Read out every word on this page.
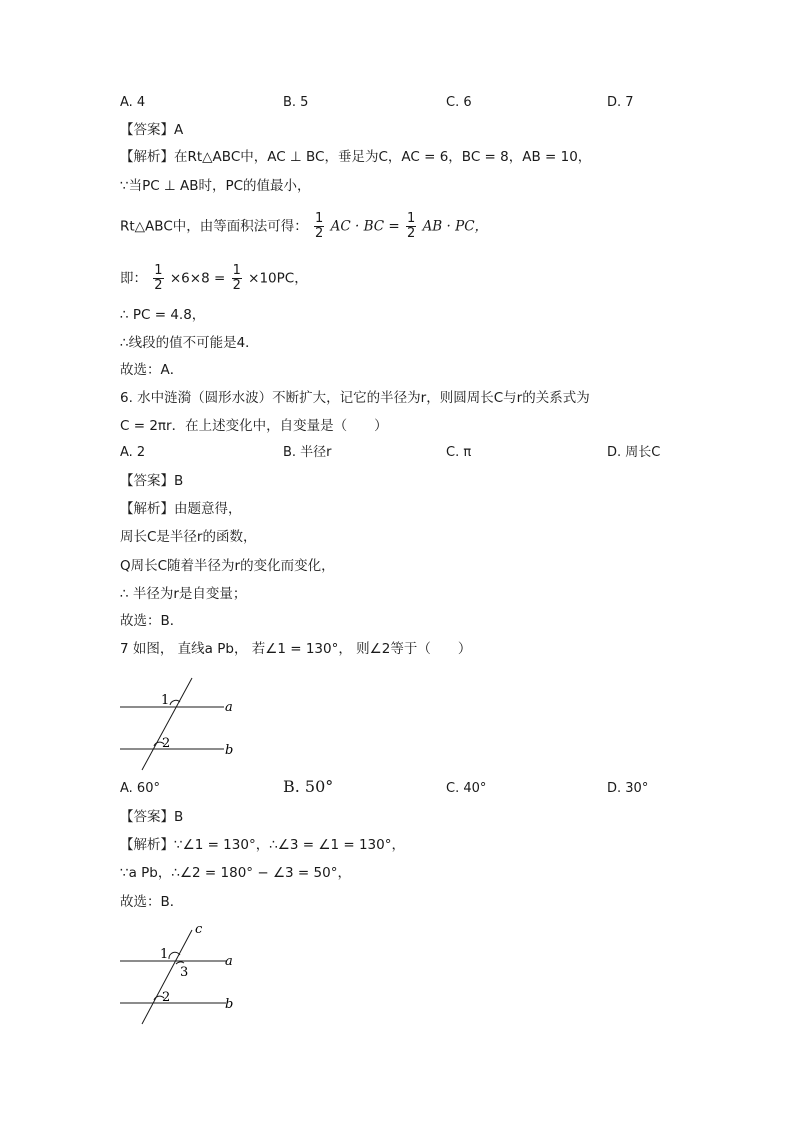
A. 4	B. 5	C. 6	D. 7
【答案】A
【解析】在Rt△ABC中，AC ⊥ BC，垂足为C，AC = 6，BC = 8，AB = 10，
∵当PC ⊥ AB时，PC的值最小，
Rt△ABC中，由等面积法可得： $\frac{1}{2}$ AC · BC = $\frac{1}{2}$ AB · PC，
即： $\frac{1}{2} \times 6\times 8 = \frac{1}{2} \times 10PC$，
∴ PC = 4.8，
∴线段的值不可能是4．
故选：A．
6. 水中涟漪（圆形水波）不断扩大，记它的半径为r，则圆周长C与r的关系式为
C = 2πr．在上述变化中，自变量是（　　）
A. 2	B. 半径r	C. π	D. 周长C
【答案】B
【解析】由题意得，
周长C是半径r的函数，
Q周长C随着半径为r的变化而变化，
∴ 半径为r是自变量；
故选：B．
7 如图， 直线a Pb， 若∠1 = 130°， 则∠2等于（　　）
1
2
a
b
A. 60°	B. 50°	C. 40°	D. 30°
【答案】B
【解析】∵∠1 = 130°，∴∠3 = ∠1 = 130°，
∵a Pb，∴∠2 = 180° − ∠3 = 50°，
故选：B．
c
1
3
2
a
b
